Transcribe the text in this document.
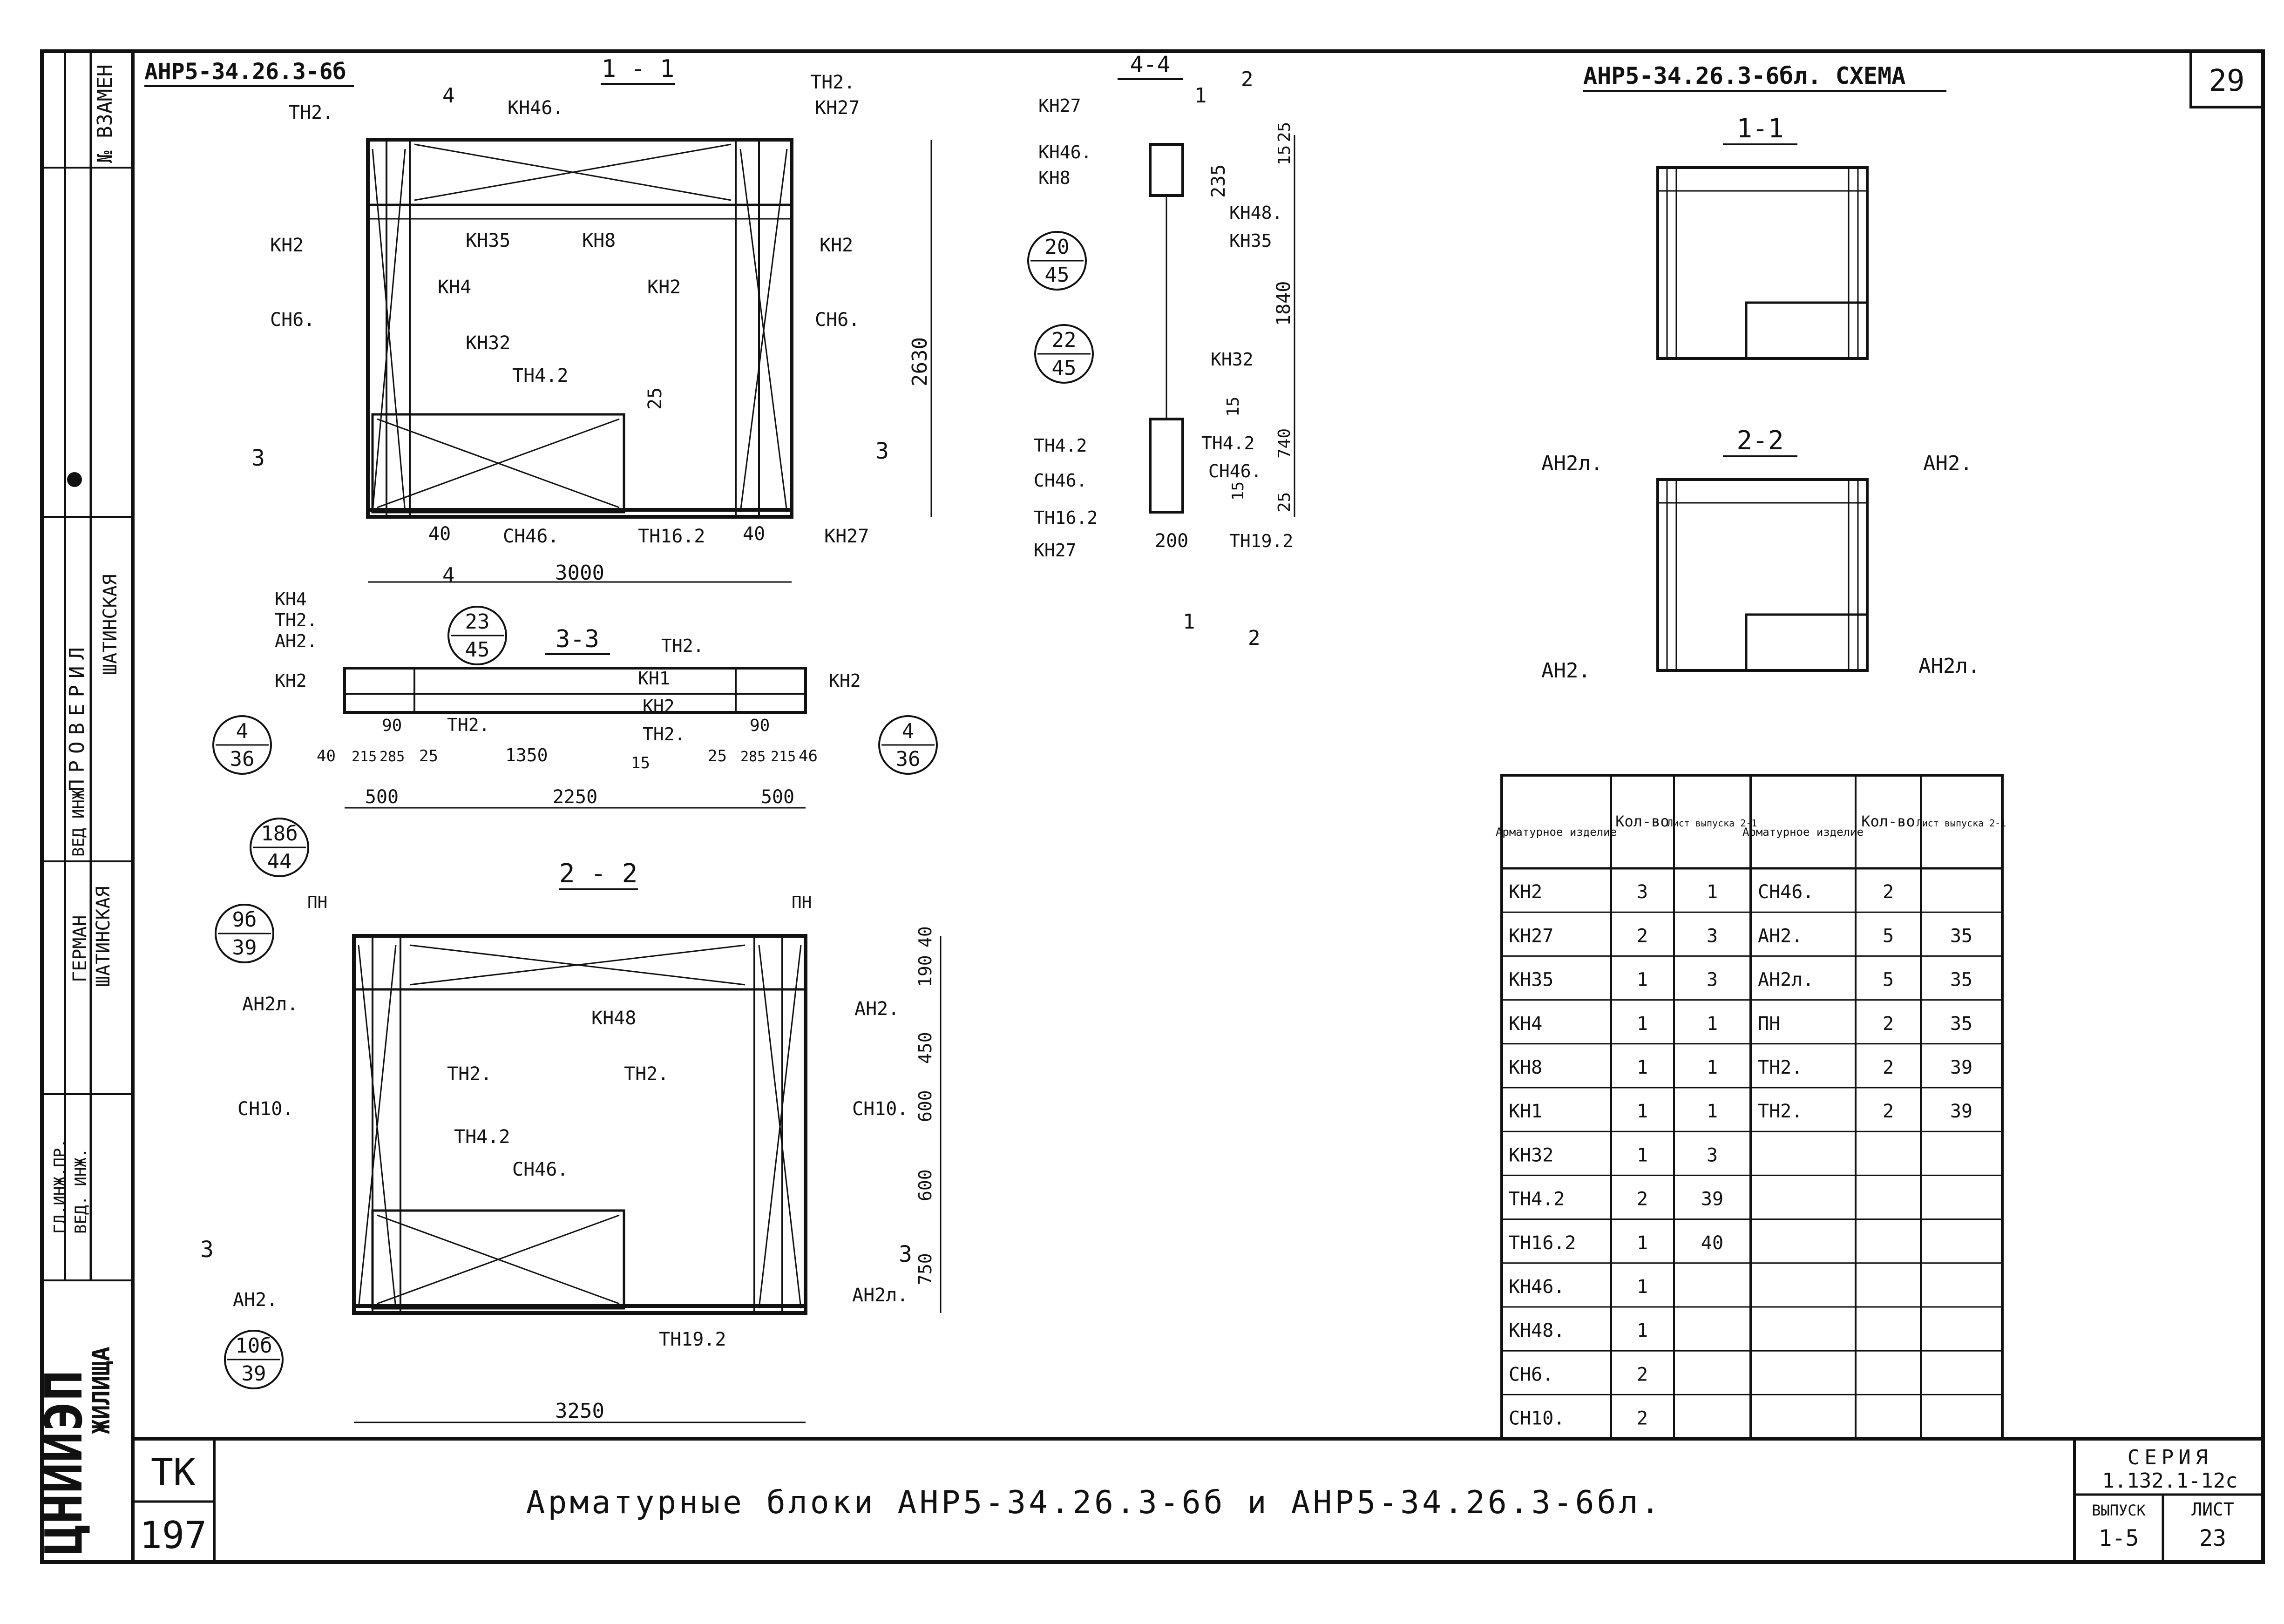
29
№ ВЗАМЕН
ПРОВЕРИЛ
ВЕД ИНЖ
ШАТИНСКАЯ
ГЕРМАН ШАТИНСКАЯ
ГЛ.ИНЖ.ПР. ВЕД. ИНЖ.
ЖИЛИЩА
ЦНИИЭП ТК
197
Арматурные блоки АНР5-34.26.3-6б и АНР5-34.26.3-6бл.
СЕРИЯ
1.132.1-12с
ВЫПУСК
1-5
ЛИСТ
23
АНР5-34.26.3-6б	1 - 1
ТН2.	КН46.
ТН2.
КН27
КН2	КН35	КН8	КН2
КН4	КН2
СН6.	СН6.
КН32
ТН4.2
СН46.	ТН16.2	КН27
40	40
3000
2630
25
3	3
4
4
3-3
КН4
ТН2.
АН2.
КН2
ТН2.
ТН2.
КН1
КН2
ТН2.
КН2
40 215 285 25	1350	15	25 285 215 46
90	90
500	2250	500
23
45
4
36
4
36
2 - 2
ПН	ПН
АН2л.
КН48	АН2.
ТН2.	ТН2.
СН10.	СН10.
ТН4.2
СН46.
АН2.	АН2л.
ТН19.2
40
190
450
600
600
750
3250
3	3
18б
44
9б
39
10б
39
4-4
1
2
1
2
КН27
КН46.
КН8
КН48.
КН35
КН32
ТН4.2	ТН4.2
СН46.	СН46.
ТН16.2
КН27	ТН19.2
25
15
235
1840
15
740
15
25
200
20
45
22
45
АНР5-34.26.3-6бл. СХЕМА
1-1
2-2
АН2л.	АН2.
АН2.	АН2л.
Арматурное изделие
Кол-во
Лист выпуска 2-1
Арматурное изделие
Кол-во Лист выпуска 2-1
КН2	3	1 СН46.	2
КН27	2	3 АН2.	5	35
КН35	1	3 АН2л.	5	35
КН4	1	1 ПН	2	35
КН8	1	1 ТН2.	2	39
КН1	1	1 ТН2.	2	39
КН32	1	3
ТН4.2	2	39
ТН16.2	1	40
КН46.	1
КН48.	1
СН6.	2
СН10.	2
